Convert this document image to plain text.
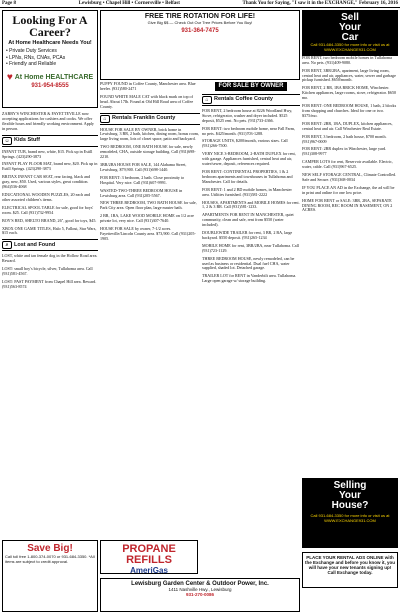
Page 8	Lewisburg • Chapel Hill • Cornersville • Belfast	Thank You for Saying, "I saw it in the EXCHANGE," February 16, 2016
Looking For A Career?
At Home Healthcare Needs You!
• Private Duty Services
• LPNs, RNs, CNAs, PCAs
• Friendly and Reliable
♥ At Home HEALTHCARE
931-954-8555

ZABBY'S WINCHESTER & FAYETTEVILLE now accepting applications for cashiers and cooks. We offer flexible hours and friendly working environment. Apply in person.

☺ Kids Stuff

INFANT TUB, brand new, white, $15. Pick up in Estill Springs. (423)290-3873

INFANT PLAY FLOOR MAT, brand new, $20. Pick up in Estill Springs. (423)290-3873

BRITAX INFANT CAR SEAT, rear facing, black and gray, new, $50. Used, various styles, great condition. (864)536-4068

EDUCATIONAL WOODEN PUZZLES, 20 each and other assorted children's items.

ELECTRICAL SPOOL TABLE for sale, good for boys' room. $25. Call (931)732-9954

BOY'S BED, SHELTO BRAND, 26", good for toys, $45.

XBOX ONE GAME TITLES, Halo 5, Fallout, Star Wars, $15 each.

⌕	Lost and Found

LOST, white and tan female dog in the Hollow Road area. Reward.

LOST: small boy's bicycle, silver, Tullahoma area. Call (931)581-4567.

LOST: PAST PAYMENT from Chapel Hill area. Reward. (931)563-8574

Save Big!
Call toll free 1-800-374-0070 or 931-684-3350. *All items are subject to credit approval.
FREE TIRE ROTATION FOR LIFE!
Give Big $$ — Check Out Our Tree Prices Before You Buy!
931-364-7475

PUPPY FOUND in Coffee County, Manchester area. Blue heeler. (931)580-2471

FOUND WHITE MALE CAT with black mark on top of head. About 17lb. Found at Old Hill Road area of Coffee County.

⌂ Rentals Franklin County

HOUSE FOR SALE BY OWNER, brick home in Lewisburg. 3 BR, 2 bath, kitchen, dining room, bonus room, large living room, lots of closet space, patio and backyard.

TWO BEDROOM, ONE BATH HOUSE for sale, newly remodeled, CHA, outside storage building. Call (931)698-2210.

3BR/2BA HOUSE FOR SALE, 144 Alabama Street, Lewisburg. $79,900. Call (931)698-1440.

FOR RENT: 3 bedroom, 2 bath. Close proximity to Hospital. Very nice. Call (931)607-9991.

WASTED-TWO-THREE BEDROOM HOUSE in Lewisburg area. Call (931)205-5567.

NEW THREE BEDROOM, TWO BATH HOUSE for sale, Park City area. Open floor plan, large master bath.

2 BR, 1BA, LAKE WOOD MOBILE HOME on 1/2 acre private lot, very nice. Call (931)307-7640.

HOUSE FOR SALE by owner, 7-1/2 acres. Fayetteville/Lincoln County area. $73,900. Call (931)205-1905.

PROPANE REFILLS
AmeriGas
FOR SALE BY OWNER
⌂ Rentals Coffee County

FOR RENT, 2 bedroom house at 8226 Woodland Hwy, Stove, refrigerator, washer and dryer included. $525 deposit, $525 rent. No pets. (931)733-4366.

FOR RENT: two bedroom mobile home, near Fall Farm, no pets. $425/month. (931)703-1288.

STORAGE UNITS, $200/month, various sizes. Call (931)266-7500.

VERY NICE 3-BEDROOM, 2-BATH DUPLEX for rent, with garage. Appliances furnished, central heat and air, water/sewer, deposit, references required.

FOR RENT: CONTINENTAL PROPERTIES, 1 & 2 bedroom apartments and townhouses in Tullahoma and Manchester. Call for details.

FOR RENT: 1 and 2 BD mobile homes, in Manchester area. Utilities furnished. (931)581-2222

HOUSES, APARTMENTS and MOBILE HOMES for rent. 1, 2 & 3 BR. Call (931)581-1233.

APARTMENTS FOR RENT IN MANCHESTER, quiet community, clean and safe, rent from $550 (water included).

DOUBLEWIDE TRAILER for rent, 3 BR, 2 BA, large backyard. $550 deposit. (931)265-1234

MOBILE HOME for rent, 3BR/2BA, near Tullahoma. Call (931)723-1129.

THREE BEDROOM HOUSE, newly remodeled, can be used as business or residential. Dual fuel CHA, water supplied, shaded lot. Detached garage.

TRAILER LOT for RENT in Vanderbilt area. Tullahoma. Large open garage w/ storage building.

Lewisburg Garden Center & Outdoor Power, Inc.
1411 Nashville Hwy., Lewisburg
931-270-0086
Sell
Your
Car
Call 931-684-3350 for more info or visit us at WWW.EXCHANGE931.COM

FOR RENT, two bedroom mobile homes in Tullahoma area. No pets. (931)409-9080.

FOR RENT, 3BR/2BA, apartment, large living room, central heat and air, appliances, water, sewer and garbage pickup furnished. $650/month.

FOR RENT, 2 BR, 1BA BRICK HOME, Winchester. Kitchen appliances, large rooms, stove, refrigerator. $650 mo.

FOR RENT: ONE BEDROOM HOUSE, 1 bath, 2 blocks from shopping and churches. Ideal for one or two. $375/mo.

FOR RENT: 2BR, 1BA, DUPLEX, kitchen appliances, central heat and air. Call Winchester Real Estate.

FOR RENT, 3 bedroom, 2 bath house, $700 month. (931)967-0009

FOR RENT: 2BR duplex in Winchester, large yard. (931)308-9977

CAMPER LOTS for rent, Reservoir available. Electric, water, cable. Call (931)967-6525.

NEW SELF STORAGE CENTRAL, Climate Controlled. Safe and Secure. (931)368-0034

IF YOU PLACE AN AD in the Exchange, the ad will be in print and online for one low price.

HOME FOR RENT or SALE: 3BR, 2BA, SEPARATE DINING ROOM, REC ROOM IN BASEMENT, ON 2 ACRES.

Selling
Your
House?
Call 931-684-3350 for more info or visit us at WWW.EXCHANGE931.COM
PLACE YOUR RENTAL ADS ONLINE with the Exchange and before you know it, you will have your new tenants signing up! Call Exchange today.
